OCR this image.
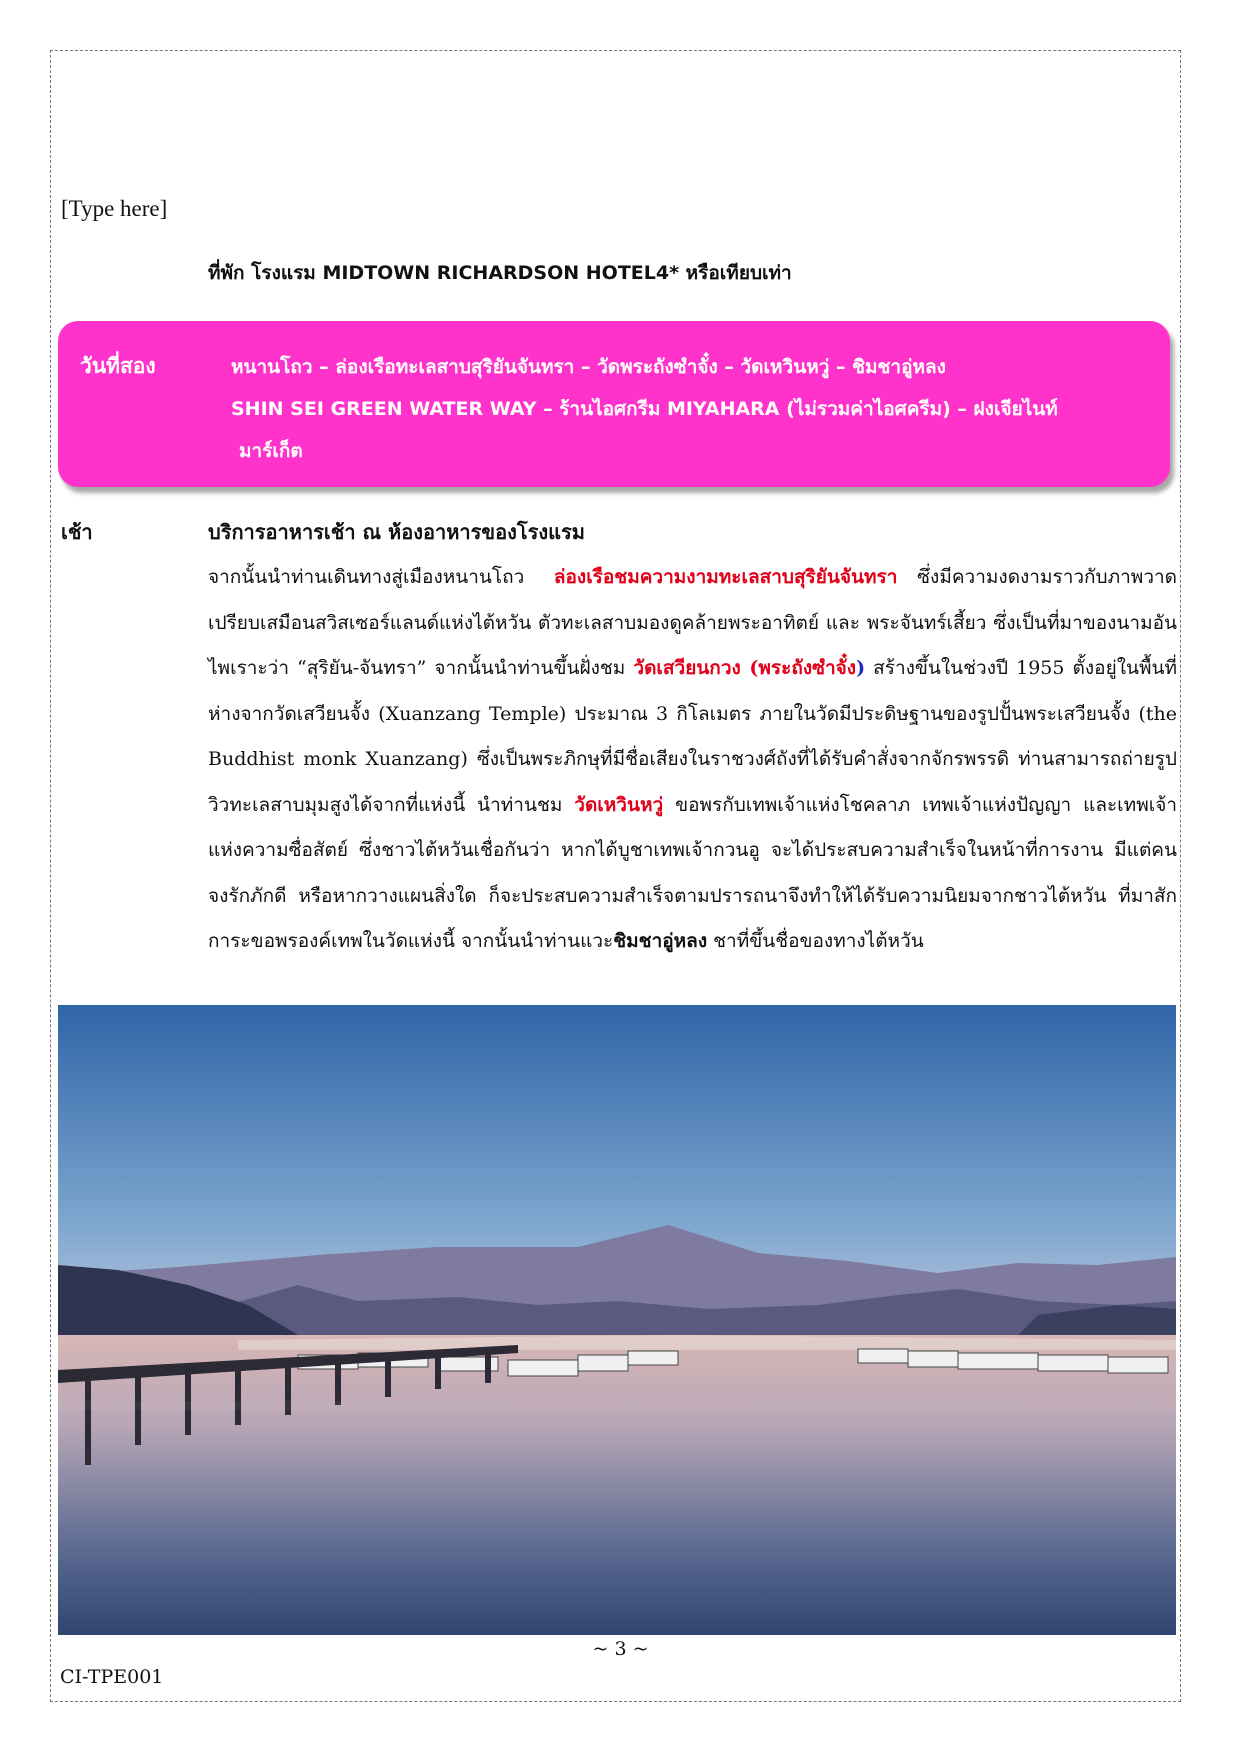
[Type here]
ที่พัก โรงแรม MIDTOWN RICHARDSON HOTEL4* หรือเทียบเท่า
วันที่สอง	หนานโถว – ล่องเรือทะเลสาบสุริยันจันทรา – วัดพระถังซำจั๋ง – วัดเหวินหวู่ – ชิมชาอู่หลง
SHIN SEI GREEN WATER WAY – ร้านไอศกรีม MIYAHARA (ไม่รวมค่าไอศครีม) – ฝงเจียไนท์
มาร์เก็ต
เช้า	บริการอาหารเช้า ณ ห้องอาหารของโรงแรม
จากนั้นนำท่านเดินทางสู่เมืองหนานโถว ล่องเรือชมความงามทะเลสาบสุริยันจันทรา ซึ่งมีความงดงามราวกับภาพวาด เปรียบเสมือนสวิสเซอร์แลนด์แห่งไต้หวัน ตัวทะเลสาบมองดูคล้ายพระอาทิตย์ และ พระจันทร์เสี้ยว ซึ่งเป็นที่มาของนามอันไพเราะว่า “สุริยัน-จันทรา” จากนั้นนำท่านขึ้นฝั่งชม วัดเสวียนกวง (พระถังซำจั๋ง) สร้างขึ้นในช่วงปี 1955 ตั้งอยู่ในพื้นที่ห่างจากวัดเสวียนจั้ง (Xuanzang Temple) ประมาณ 3 กิโลเมตร ภายในวัดมีประดิษฐานของรูปปั้นพระเสวียนจั้ง (the Buddhist monk Xuanzang) ซึ่งเป็นพระภิกษุที่มีชื่อเสียงในราชวงศ์ถังที่ได้รับคำสั่งจากจักรพรรดิ ท่านสามารถถ่ายรูปวิวทะเลสาบมุมสูงได้จากที่แห่งนี้ นำท่านชม วัดเหวินหวู่ ขอพรกับเทพเจ้าแห่งโชคลาภ เทพเจ้าแห่งปัญญา และเทพเจ้าแห่งความซื่อสัตย์ ซึ่งชาวไต้หวันเชื่อกันว่า หากได้บูชาเทพเจ้ากวนอู จะได้ประสบความสำเร็จในหน้าที่การงาน มีแต่คนจงรักภักดี หรือหากวางแผนสิ่งใด ก็จะประสบความสำเร็จตามปรารถนาจึงทำให้ได้รับความนิยมจากชาวไต้หวัน ที่มาสักการะขอพรองค์เทพในวัดแห่งนี้ จากนั้นนำท่านแวะชิมชาอู่หลง ชาที่ขึ้นชื่อของทางไต้หวัน
~ 3 ~
CI-TPE001
